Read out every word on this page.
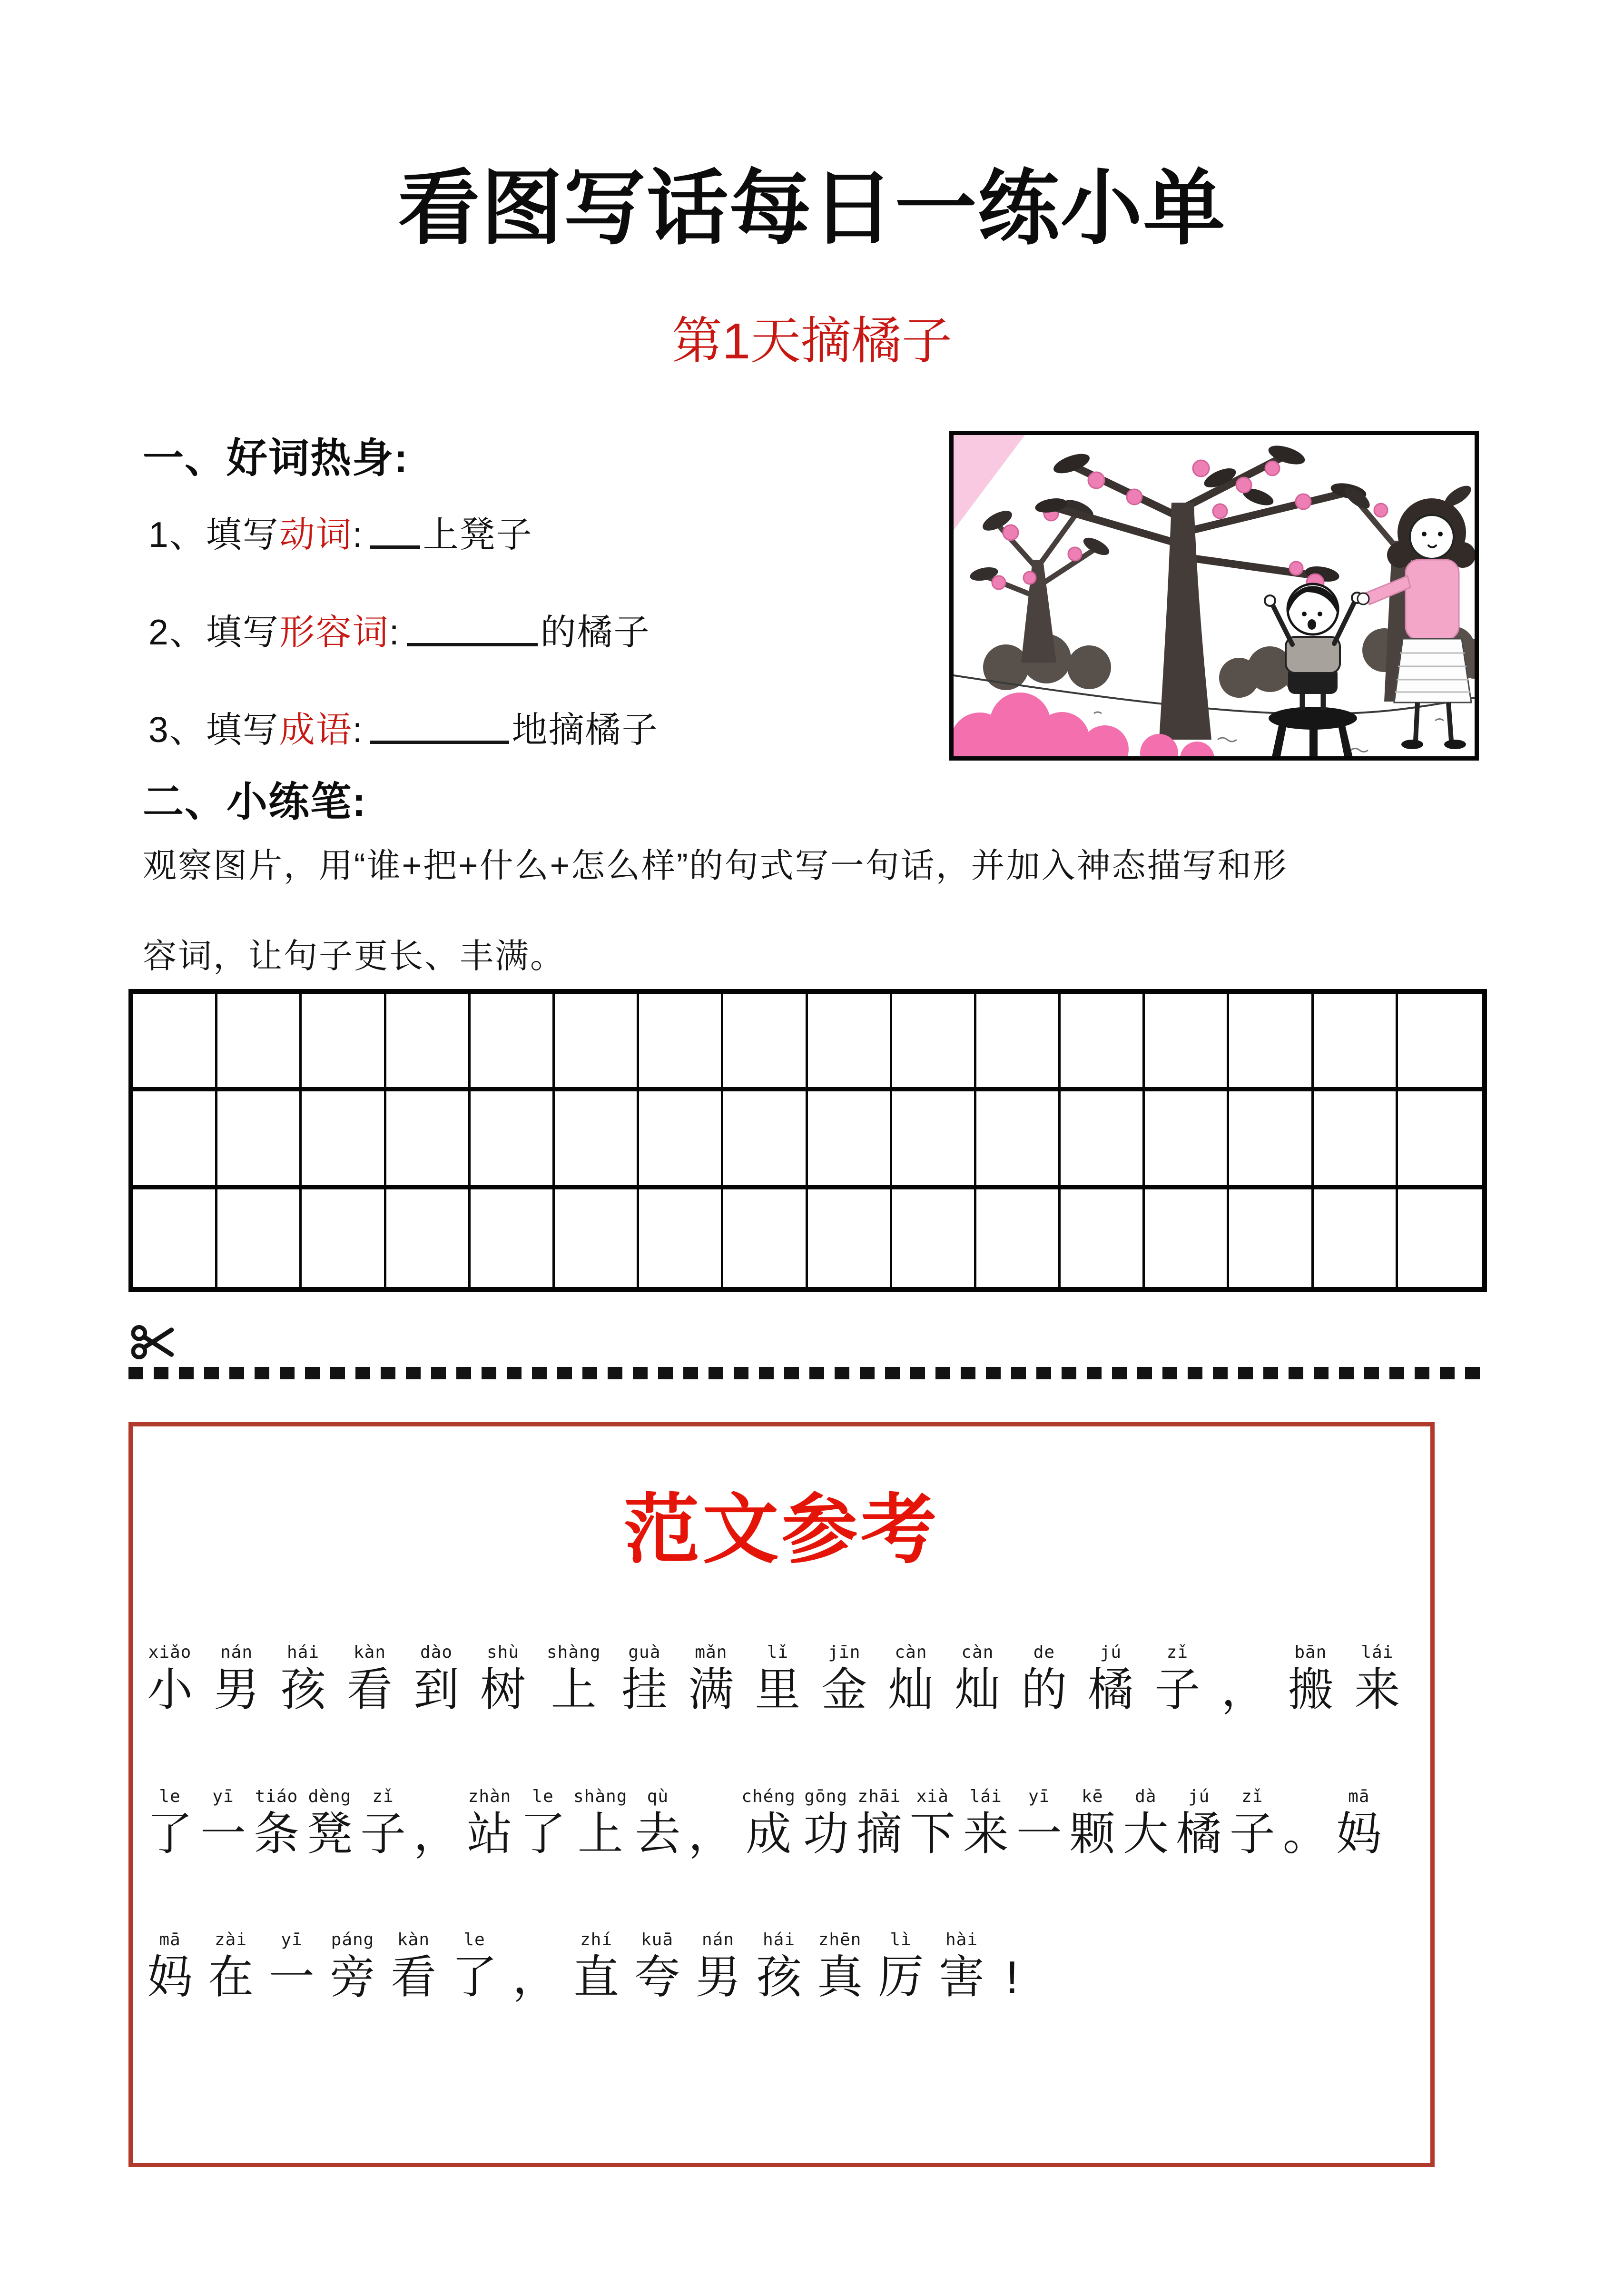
看图写话每日一练小单
第1天摘橘子
一、好词热身:
1、填写动词: 上凳子
2、填写形容词:	的橘子
3、填写成语:	地摘橘子
二、小练笔:
观察图片，用“谁+把+什么+怎么样”的句式写一句话，并加入神态描写和形
容词，让句子更长、丰满。
范文参考
xiǎo
小
nán
男
hái
孩
kàn
看
dào
到
shù
树
shàng
上
guà
挂
mǎn
满
lǐ
里
jīn
金
càn
灿
càn
灿
de
的
jú
橘
zǐ
子 ，
bān
搬
lái
来
le
了
yī
一
tiáo
条
dèng
凳
zǐ
子 ，
zhàn
站
le
了
shàng
上
qù
去 ，
chéng
成
gōng
功
zhāi
摘
xià
下
lái
来
yī
一
kē
颗
dà
大
jú
橘
zǐ
子 。
mā
妈
mā
妈
zài
在
yī
一
páng
旁
kàn
看
le
了 ，
zhí
直
kuā
夸
nán
男
hái
孩
zhēn
真
lì
厉
hài
害 !
